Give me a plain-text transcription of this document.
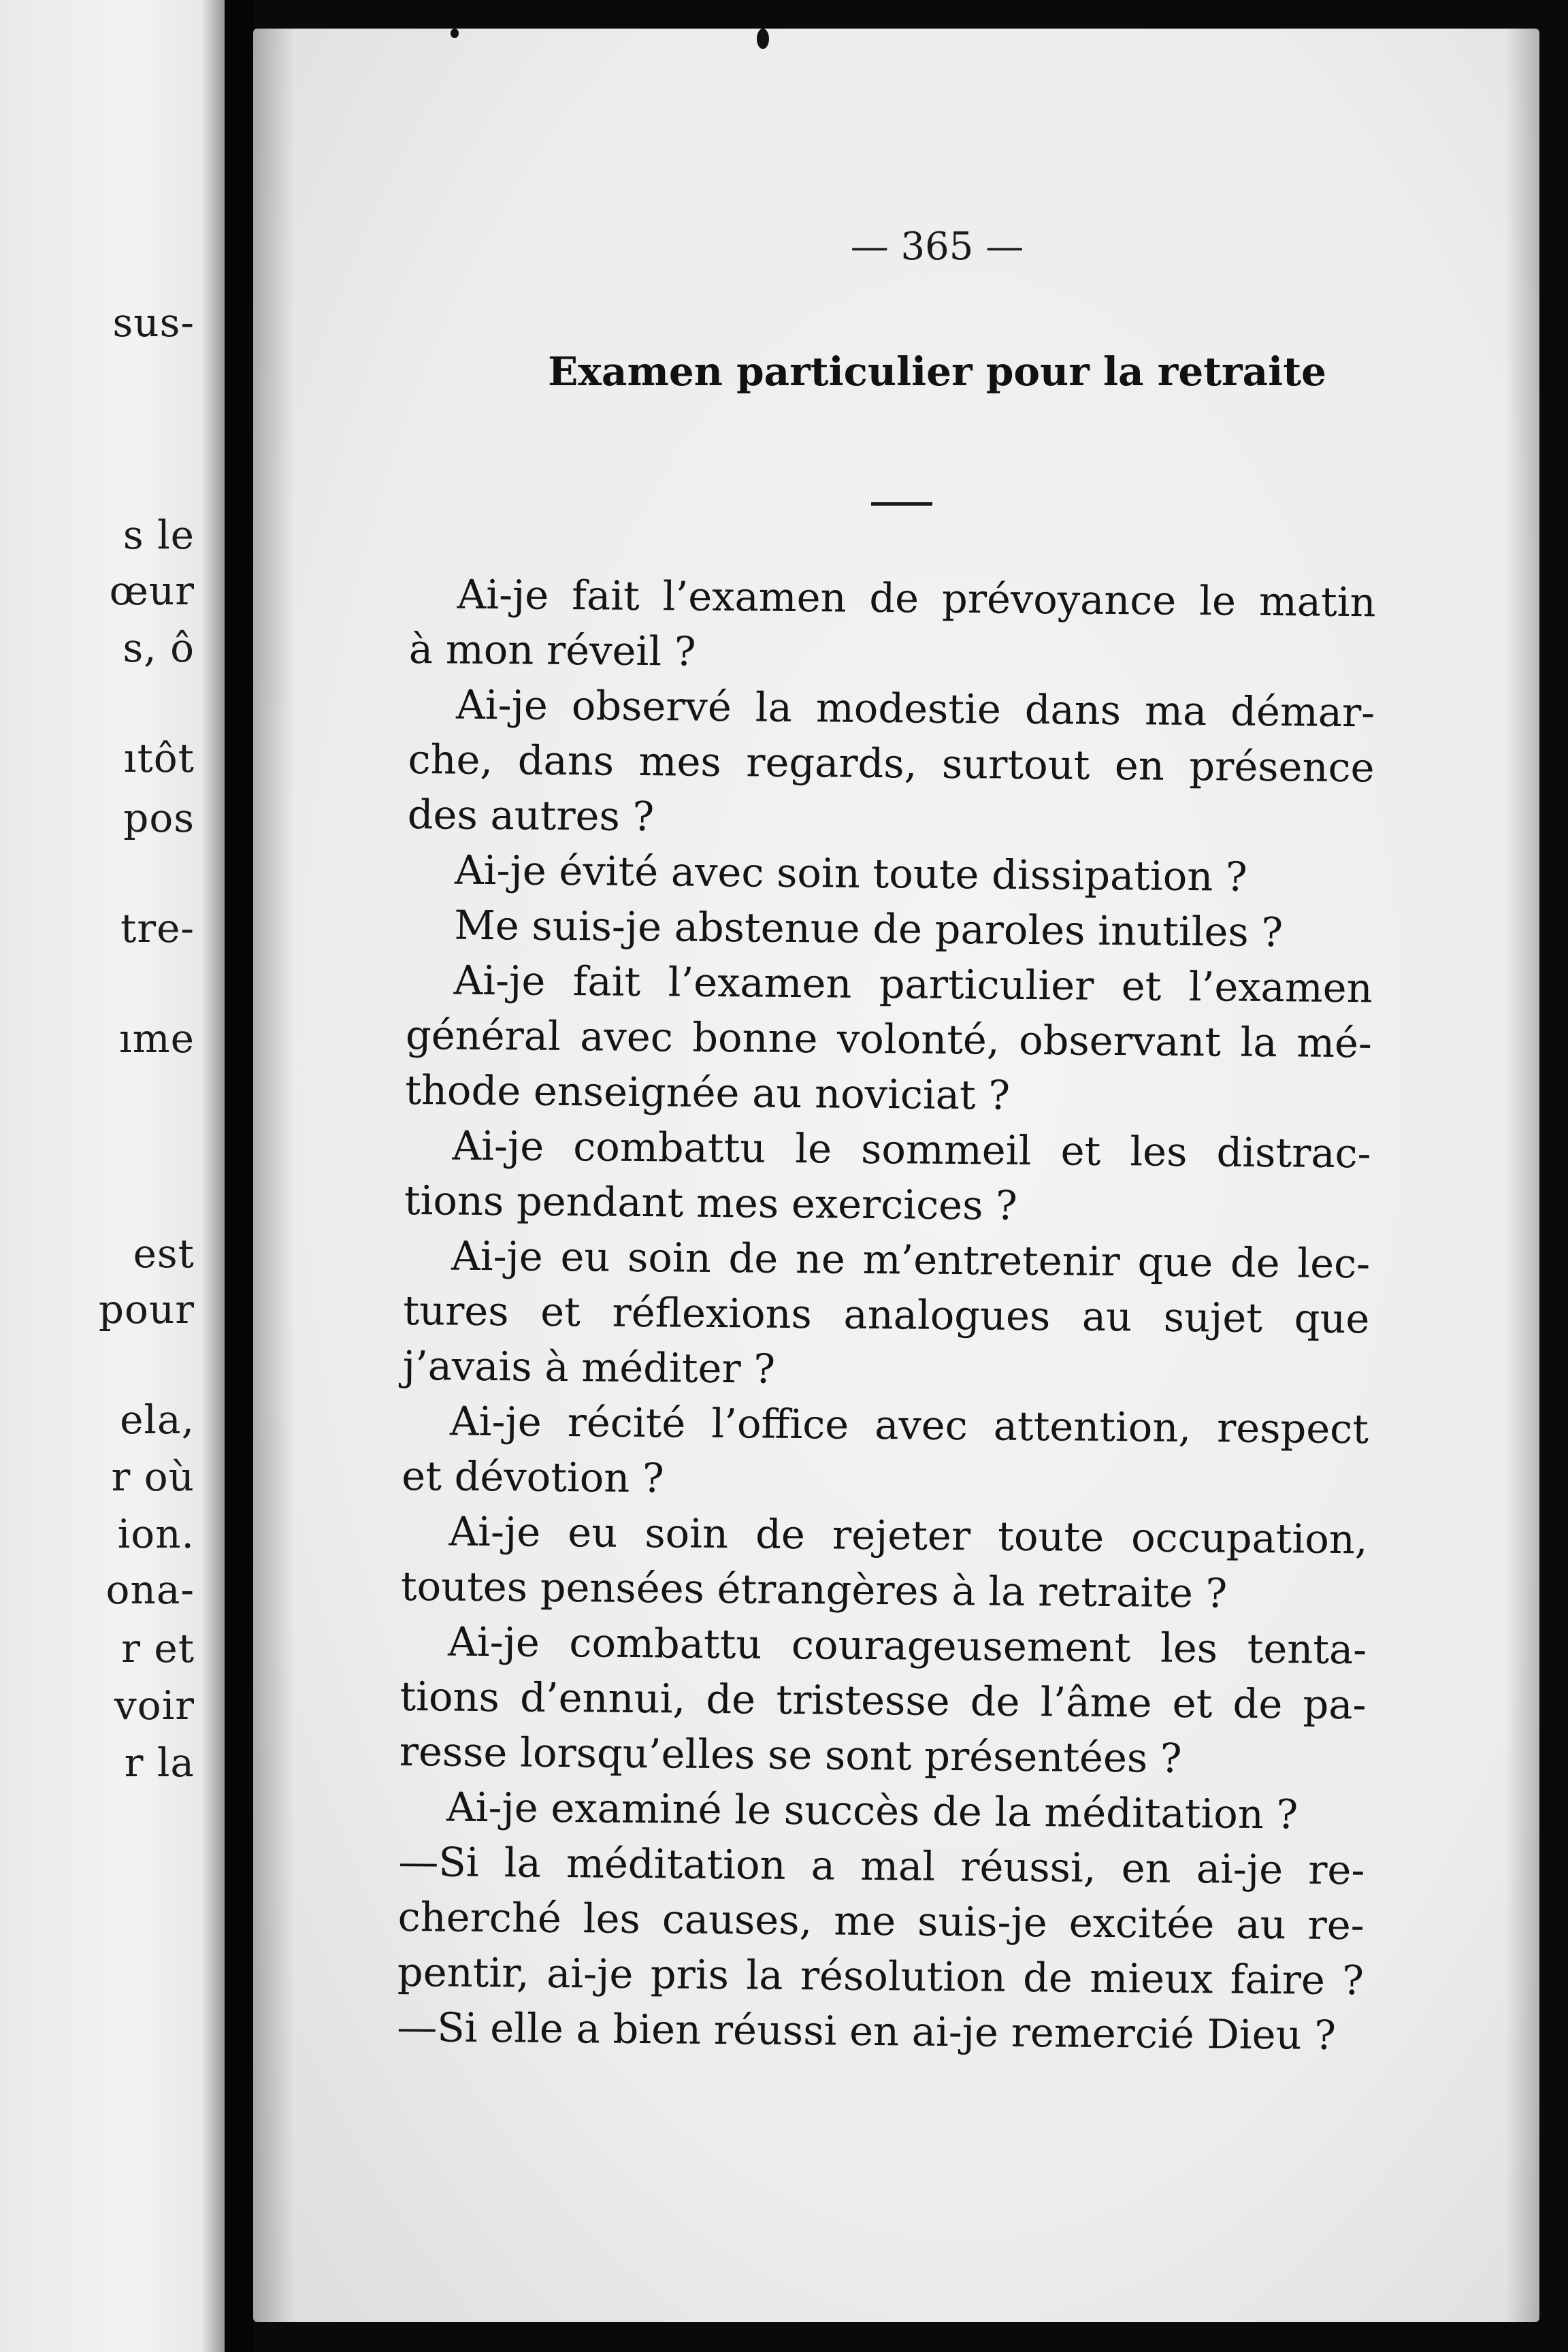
sus-
s le
œur
s, ô
ıtôt
pos
tre-
ıme
est
pour
ela,
r où
ion.
ona-
r et
voir
r la
— 365 —
Examen particulier pour la retraite
Ai-je fait l’examen de prévoyance le matin
à mon réveil ?
Ai-je observé la modestie dans ma démar-
che, dans mes regards, surtout en présence
des autres ?
Ai-je évité avec soin toute dissipation ?
Me suis-je abstenue de paroles inutiles ?
Ai-je fait l’examen particulier et l’examen
général avec bonne volonté, observant la mé-
thode enseignée au noviciat ?
Ai-je combattu le sommeil et les distrac-
tions pendant mes exercices ?
Ai-je eu soin de ne m’entretenir que de lec-
tures et réflexions analogues au sujet que
j’avais à méditer ?
Ai-je récité l’office avec attention, respect
et dévotion ?
Ai-je eu soin de rejeter toute occupation,
toutes pensées étrangères à la retraite ?
Ai-je combattu courageusement les tenta-
tions d’ennui, de tristesse de l’âme et de pa-
resse lorsqu’elles se sont présentées ?
Ai-je examiné le succès de la méditation ?
—Si la méditation a mal réussi, en ai-je re-
cherché les causes, me suis-je excitée au re-
pentir, ai-je pris la résolution de mieux faire ?
—Si elle a bien réussi en ai-je remercié Dieu ?
